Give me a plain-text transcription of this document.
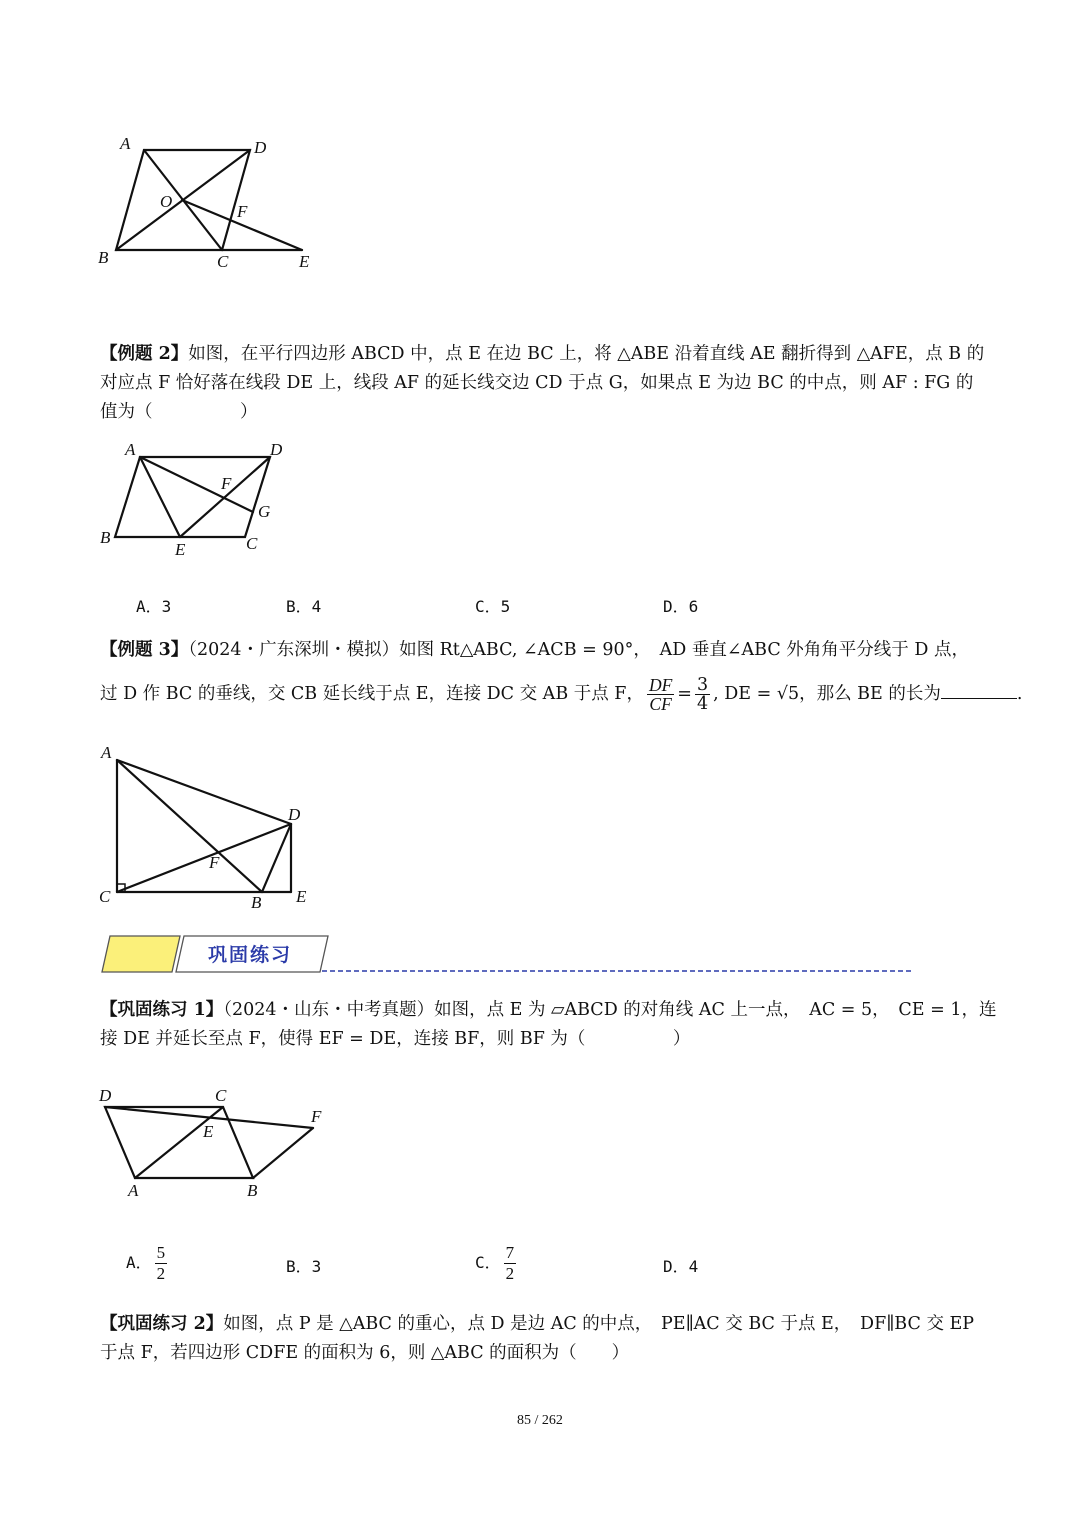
A	D
O
F
B	C	E
【例题 2】如图，在平行四边形 ABCD 中，点 E 在边 BC 上，将 △ABE 沿着直线 AE 翻折得到 △AFE，点 B 的
对应点 F 恰好落在线段 DE 上，线段 AF 的延长线交边 CD 于点 G，如果点 E 为边 BC 的中点，则 AF : FG 的
值为（　　　　　）
A	D
F
G
B
E	C
A．3	B．4	C．5	D．6
【例题 3】（2024・广东深圳・模拟）如图 Rt△ABC, ∠ACB = 90°，　AD 垂直∠ABC 外角角平分线于 D 点，
过 D 作 BC 的垂线，交 CB 延长线于点 E，连接 DC 交 AB 于点 F， $\frac{DF}{CF} = \frac{3}{4}$ , DE = √5，那么 BE 的长为	.
A
D
F
C	B E
巩固练习
【巩固练习 1】（2024・山东・中考真题）如图，点 E 为 ▱ABCD 的对角线 AC 上一点，　AC = 5，　CE = 1，连
接 DE 并延长至点 F，使得 EF = DE，连接 BF，则 BF 为（　　　　　）
D	C
F
E
A	B
A． $\frac{5}{2}$	B．3	C． $\frac{7}{2}$	D．4
【巩固练习 2】如图，点 P 是 △ABC 的重心，点 D 是边 AC 的中点，　PE∥AC 交 BC 于点 E，　DF∥BC 交 EP
于点 F，若四边形 CDFE 的面积为 6，则 △ABC 的面积为（　　）
85 / 262
